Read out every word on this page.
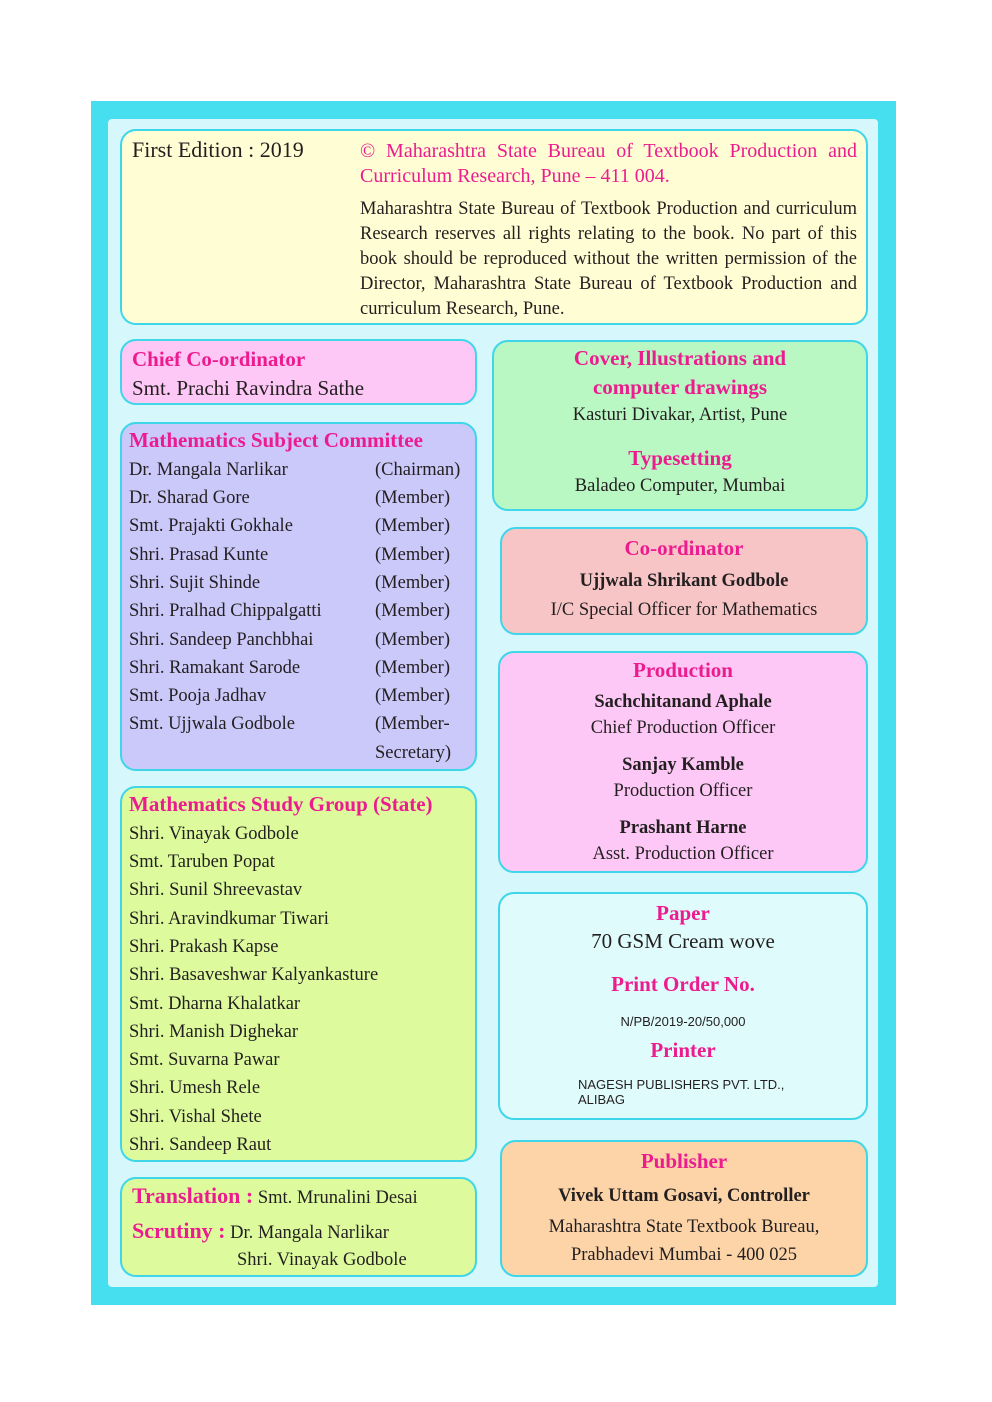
First Edition : 2019	© Maharashtra State Bureau of Textbook Production and Curriculum Research, Pune – 411 004.
Maharashtra State Bureau of Textbook Production and curriculum Research reserves all rights relating to the book. No part of this book should be reproduced without the written permission of the Director, Maharashtra State Bureau of Textbook Production and curriculum Research, Pune.
Chief Co-ordinator
Smt. Prachi Ravindra Sathe
Mathematics Subject Committee
Dr. Mangala Narlikar	(Chairman)
Dr. Sharad Gore	(Member)
Smt. Prajakti Gokhale	(Member)
Shri. Prasad Kunte	(Member)
Shri. Sujit Shinde	(Member)
Shri. Pralhad Chippalgatti	(Member)
Shri. Sandeep Panchbhai	(Member)
Shri. Ramakant Sarode	(Member)
Smt. Pooja Jadhav	(Member)
Smt. Ujjwala Godbole	(Member-
Secretary)
Mathematics Study Group (State)
Shri. Vinayak Godbole
Smt. Taruben Popat
Shri. Sunil Shreevastav
Shri. Aravindkumar Tiwari
Shri. Prakash Kapse
Shri. Basaveshwar Kalyankasture
Smt. Dharna Khalatkar
Shri. Manish Dighekar
Smt. Suvarna Pawar
Shri. Umesh Rele
Shri. Vishal Shete
Shri. Sandeep Raut
Translation : Smt. Mrunalini Desai
Scrutiny : Dr. Mangala Narlikar
Shri. Vinayak Godbole
Cover, Illustrations and
computer drawings
Kasturi Divakar, Artist, Pune
Typesetting
Baladeo Computer, Mumbai
Co-ordinator
Ujjwala Shrikant Godbole
I/C Special Officer for Mathematics
Production
Sachchitanand Aphale
Chief Production Officer
Sanjay Kamble
Production Officer
Prashant Harne
Asst. Production Officer
Paper
70 GSM Cream wove
Print Order No.
N/PB/2019-20/50,000
Printer
NAGESH PUBLISHERS PVT. LTD.,
ALIBAG
Publisher
Vivek Uttam Gosavi, Controller
Maharashtra State Textbook Bureau,
Prabhadevi Mumbai - 400 025
